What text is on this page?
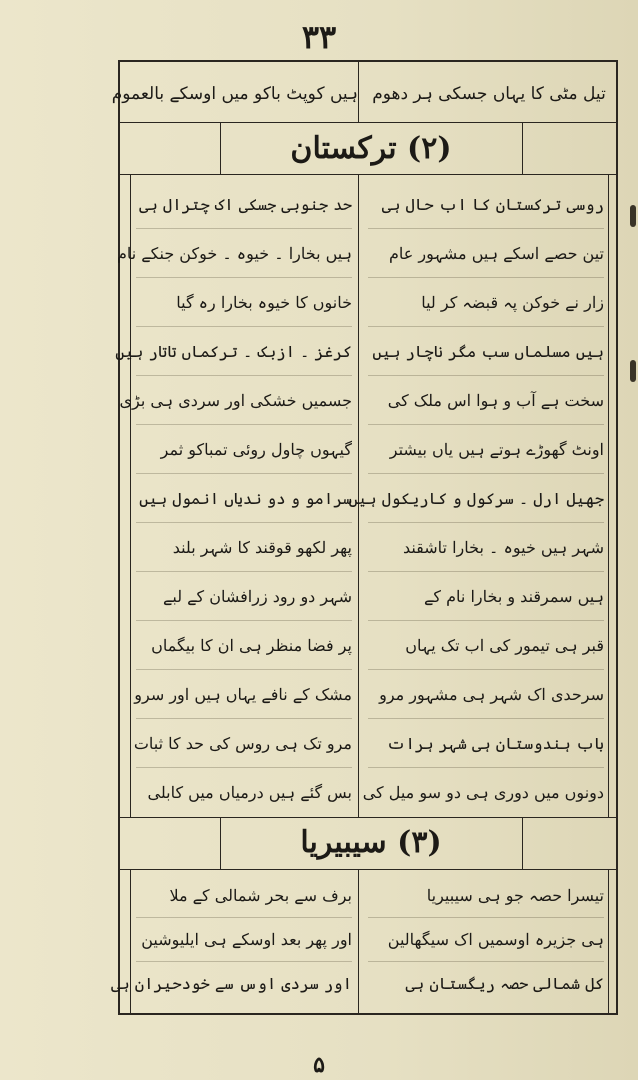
۳۳
ہیں کوپٹ باکو میں اوسکے بالعموم تیل مٹی کا یہاں جسکی ہر دھوم
(۲) ترکستان
روسی ترکستان کا اب حال ہی
تین حصے اسکے ہیں مشہور عام
زار نے خوکن پہ قبضہ کر لیا
ہیں مسلماں سب مگر ناچار ہیں
سخت ہے آب و ہوا اس ملک کی
اونٹ گھوڑے ہوتے ہیں یاں بیشتر
جھیل ارل ۔ سرکول و کاریکول ہیں
شہر ہیں خیوہ ۔ بخارا تاشقند
ہیں سمرقند و بخارا نام کے
قبر ہی تیمور کی اب تک یہاں
سرحدی اک شہر ہی مشہور مرو
باب ہندوستان ہی شہر ہرات
دونوں میں دوری ہی دو سو میل کی
حد جنوبی جسکی اک چترال ہی
ہیں بخارا ۔ خیوہ ۔ خوکن جنکے نام
خانوں کا خیوہ بخارا رہ گیا
کرغز ۔ ازبک ۔ ترکماں تاتار ہیں
جسمیں خشکی اور سردی ہی بڑی
گیہوں چاول روئی تمباکو ثمر
سرامو و دو ندیاں انمول ہیں
پھر لکھو قوقند کا شہر بلند
شہر دو رود زرافشان کے لبے
پر فضا منظر ہی ان کا بیگماں
مشک کے نافے یہاں ہیں اور سرو
مرو تک ہی روس کی حد کا ثبات
بس گئے ہیں درمیاں میں کابلی
(۳) سیبیریا
تیسرا حصہ جو ہی سیبیریا
ہی جزیرہ اوسمیں اک سیگھالین
کل شمالی حصہ ریگستان ہی
برف سے بحر شمالی کے ملا
اور پھر بعد اوسکے ہی ایلیوشین
اور سردی اوس سے خودحیران ہی
۵
